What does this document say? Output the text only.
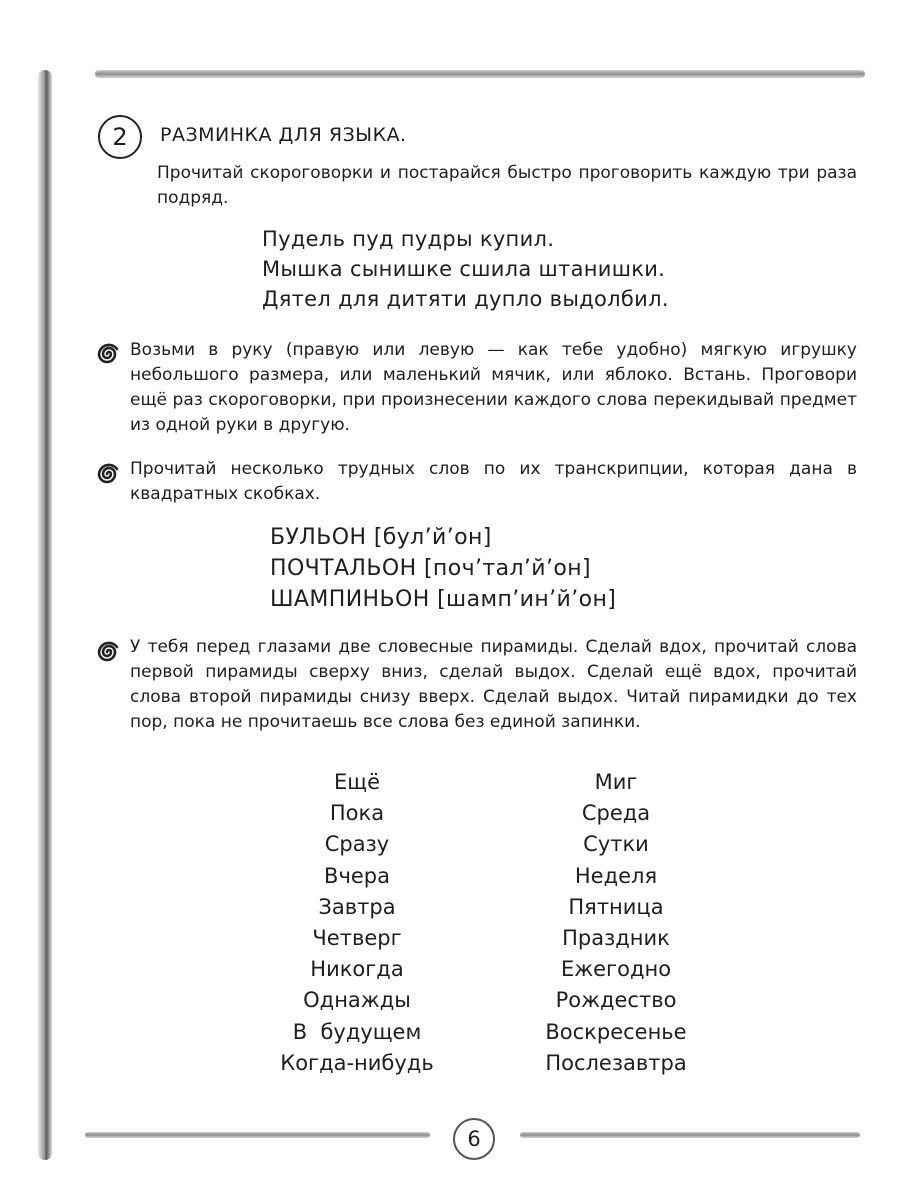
2	РАЗМИНКА ДЛЯ ЯЗЫКА.
Прочитай скороговорки и постарайся быстро проговорить каждую три раза подряд.
Пудель пуд пудры купил.
Мышка сынишке сшила штанишки.
Дятел для дитяти дупло выдолбил.
Возьми в руку (правую или левую — как тебе удобно) мягкую игрушку небольшого размера, или маленький мячик, или яблоко. Встань. Проговори ещё раз скороговорки, при произнесении каждого слова перекидывай предмет из одной руки в другую.
Прочитай несколько трудных слов по их транскрипции, которая дана в квадратных скобках.
БУЛЬОН [бул’й’он]
ПОЧТАЛЬОН [поч’тал’й’он]
ШАМПИНЬОН [шамп’ин’й’он]
У тебя перед глазами две словесные пирамиды. Сделай вдох, прочитай слова первой пирамиды сверху вниз, сделай выдох. Сделай ещё вдох, прочитай слова второй пирамиды снизу вверх. Сделай выдох. Читай пирамидки до тех пор, пока не прочитаешь все слова без единой запинки.
Ещё
Пока
Сразу
Вчера
Завтра
Четверг
Никогда
Однажды
В  будущем
Когда-нибудь
Миг
Среда
Сутки
Неделя
Пятница
Праздник
Ежегодно
Рождество
Воскресенье
Послезавтра
6
